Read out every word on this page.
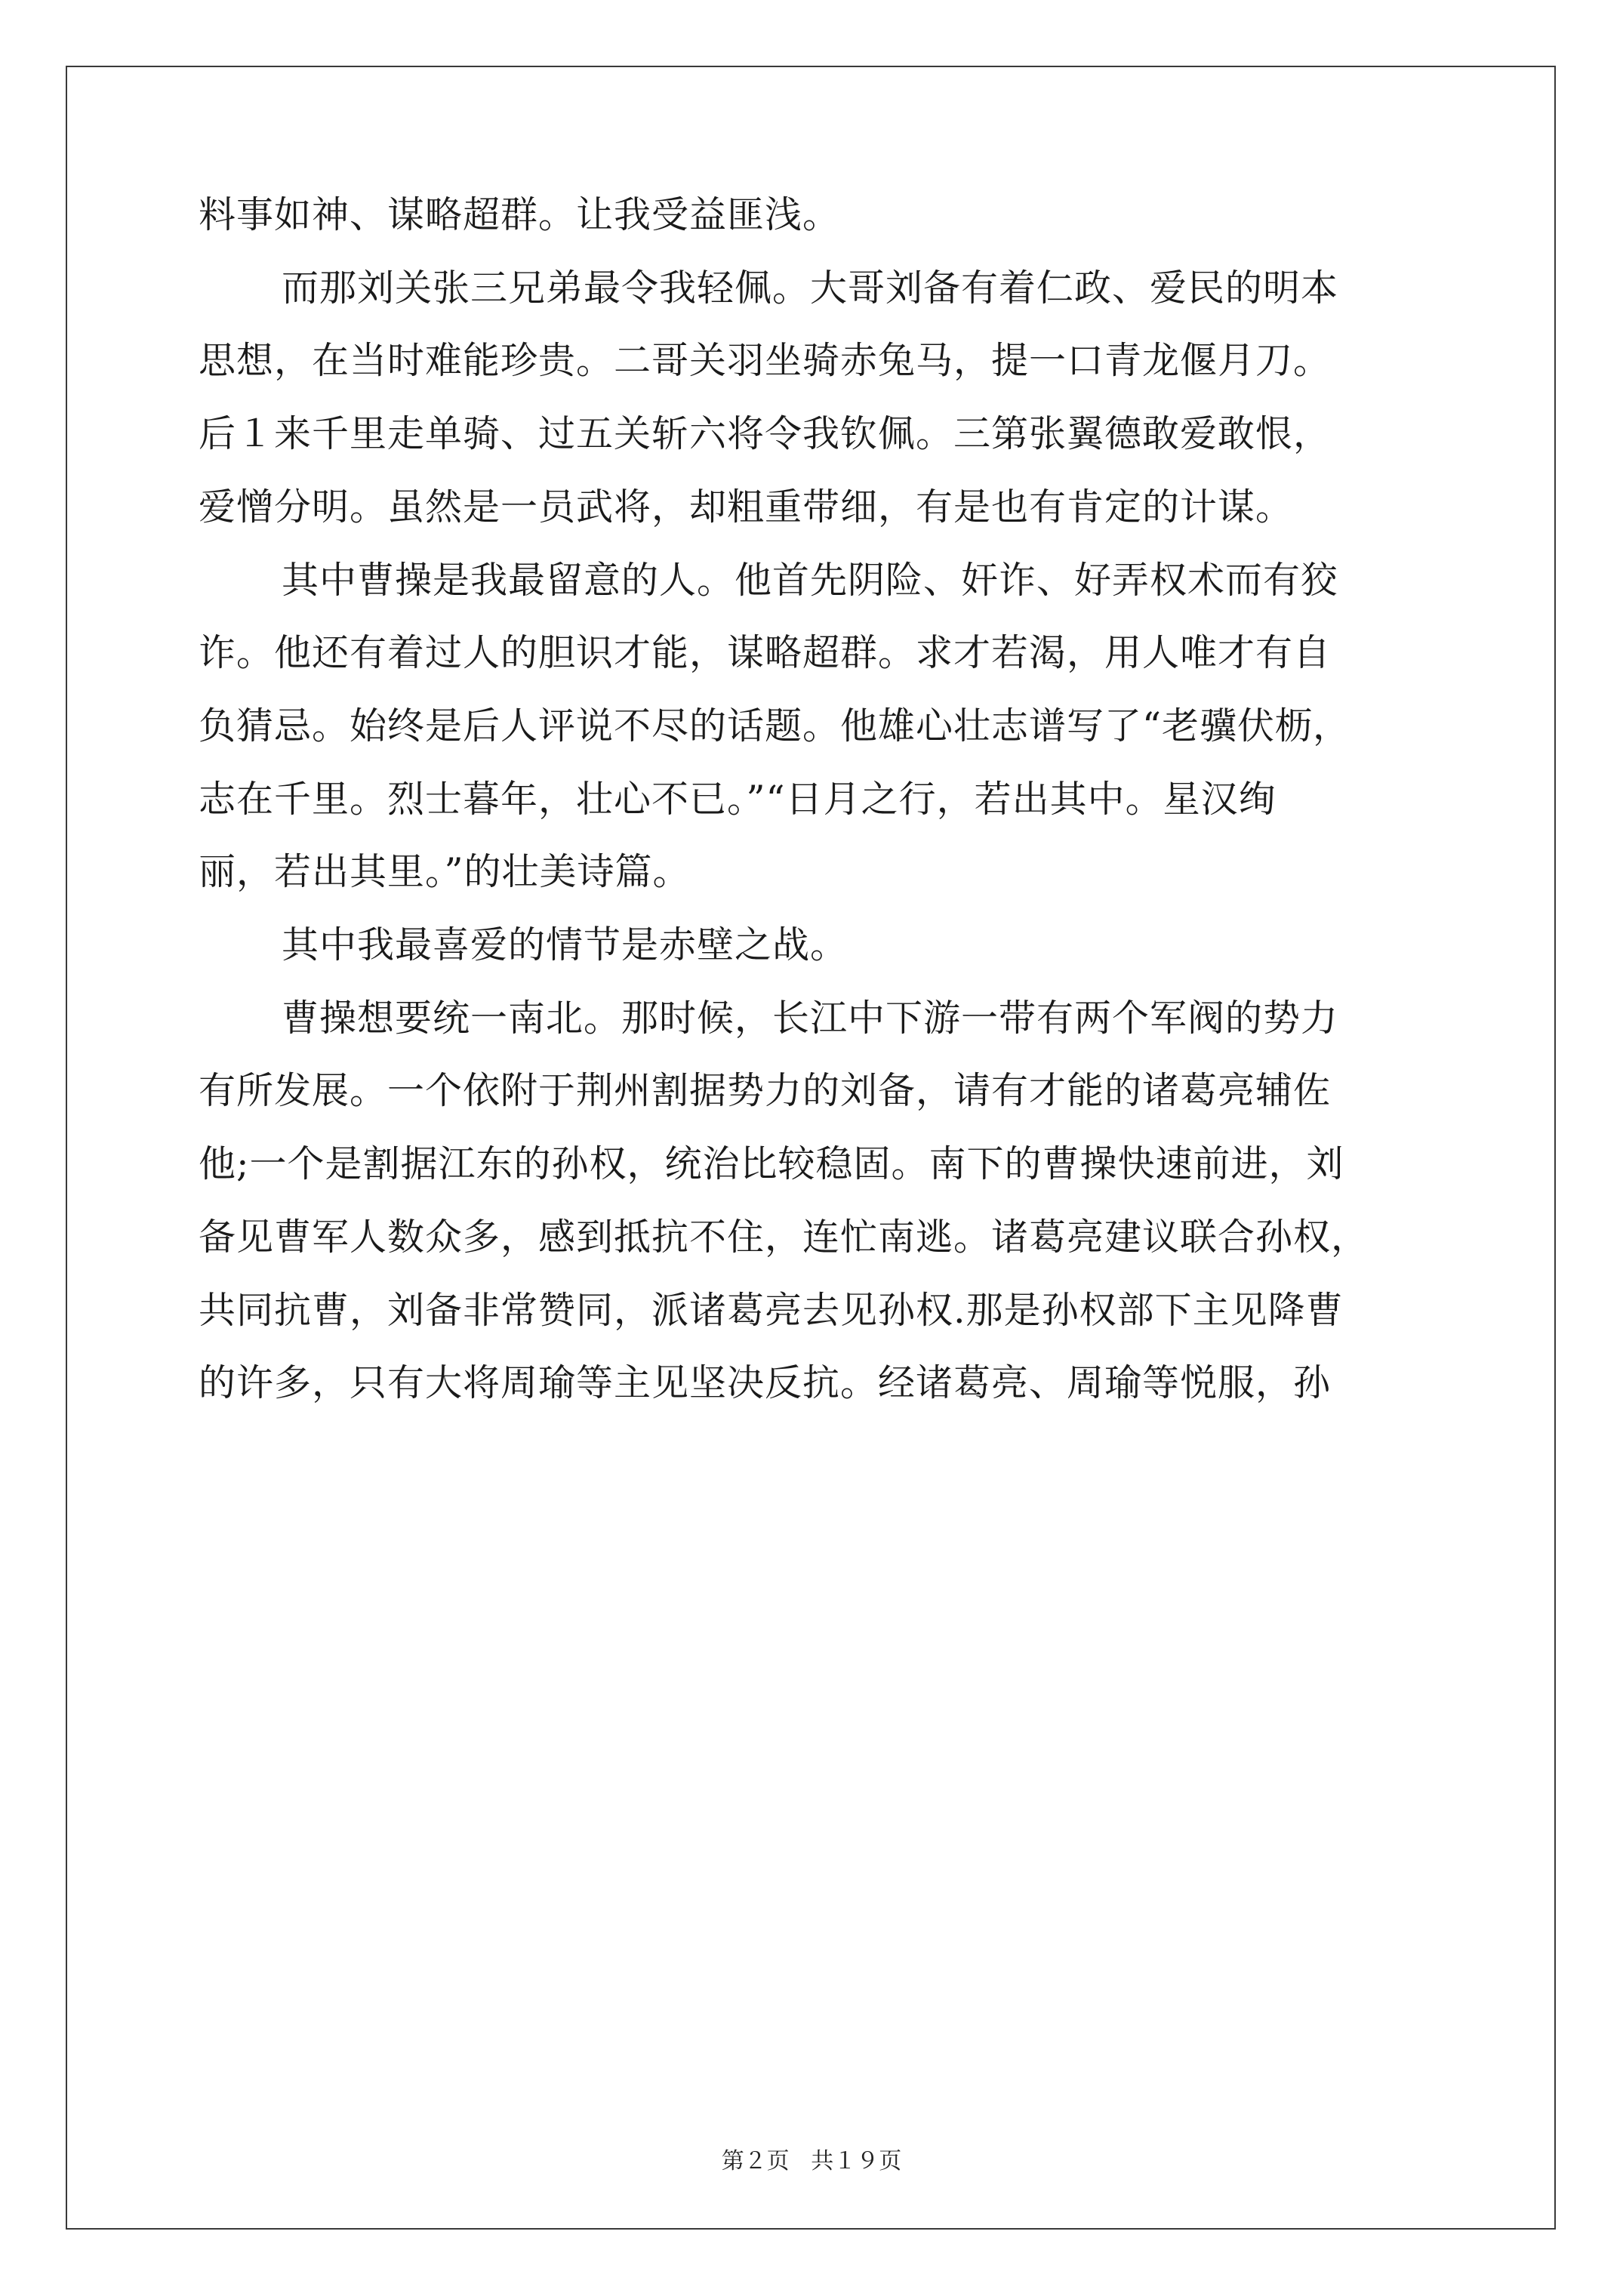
料事如神、谋略超群。让我受益匪浅。
而那刘关张三兄弟最令我轻佩。大哥刘备有着仁政、爱民的明本
思想，在当时难能珍贵。二哥关羽坐骑赤兔马，提一口青龙偃月刀。
后１来千里走单骑、过五关斩六将令我钦佩。三第张翼德敢爱敢恨，
爱憎分明。虽然是一员武将，却粗重带细，有是也有肯定的计谋。
其中曹操是我最留意的人。他首先阴险、奸诈、好弄权术而有狡
诈。他还有着过人的胆识才能，谋略超群。求才若渴，用人唯才有自
负猜忌。始终是后人评说不尽的话题。他雄心壮志谱写了“老骥伏枥，
志在千里。烈士暮年，壮心不已。”“日月之行，若出其中。星汉绚
丽，若出其里。”的壮美诗篇。
其中我最喜爱的情节是赤壁之战。
曹操想要统一南北。那时候，长江中下游一带有两个军阀的势力
有所发展。一个依附于荆州割据势力的刘备，请有才能的诸葛亮辅佐
他;一个是割据江东的孙权，统治比较稳固。南下的曹操快速前进，刘
备见曹军人数众多，感到抵抗不住，连忙南逃。诸葛亮建议联合孙权，
共同抗曹，刘备非常赞同，派诸葛亮去见孙权.那是孙权部下主见降曹
的许多，只有大将周瑜等主见坚决反抗。经诸葛亮、周瑜等悦服，孙
第２页 共１９页
